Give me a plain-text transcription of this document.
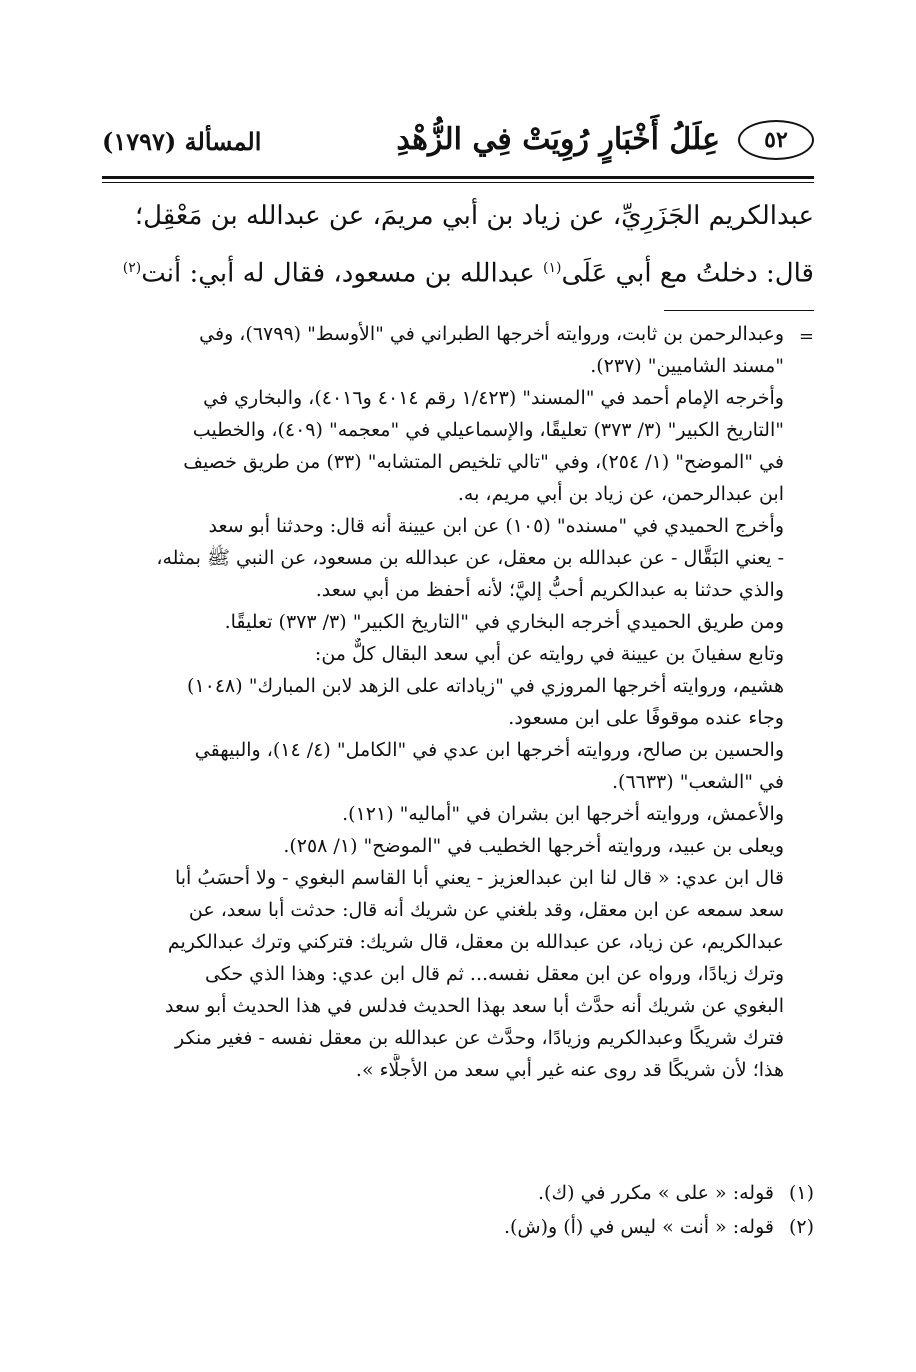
٥٢
عِلَلُ أَخْبَارٍ رُوِيَتْ فِي الزُّهْدِ
المسألة (١٧٩٧)

عبدالكريم الجَزَرِيِّ، عن زياد بن أبي مريمَ، عن عبدالله بن مَعْقِل؛

قال: دخلتُ مع أبي عَلَى$^{(١)}$ عبدالله بن مسعود، فقال له أبي: أنت$^{(٢)}$

=

وعبدالرحمن بن ثابت، وروايته أخرجها الطبراني في "الأوسط" (٦٧٩٩)، وفي

"مسند الشاميين" (٢٣٧).

وأخرجه الإمام أحمد في "المسند" (١/٤٢٣ رقم ٤٠١٤ و٤٠١٦)، والبخاري في

"التاريخ الكبير" (٣/ ٣٧٣) تعليقًا، والإسماعيلي في "معجمه" (٤٠٩)، والخطيب

في "الموضح" (١/ ٢٥٤)، وفي "تالي تلخيص المتشابه" (٣٣) من طريق خصيف

ابن عبدالرحمن، عن زياد بن أبي مريم، به.

وأخرج الحميدي في "مسنده" (١٠٥) عن ابن عيينة أنه قال: وحدثنا أبو سعد

- يعني البَقَّال - عن عبدالله بن معقل، عن عبدالله بن مسعود، عن النبي ﷺ بمثله،

والذي حدثنا به عبدالكريم أحبُّ إليَّ؛ لأنه أحفظ من أبي سعد.

ومن طريق الحميدي أخرجه البخاري في "التاريخ الكبير" (٣/ ٣٧٣) تعليقًا.

وتابع سفيانَ بن عيينة في روايته عن أبي سعد البقال كلٌّ من:

هشيم، وروايته أخرجها المروزي في "زياداته على الزهد لابن المبارك" (١٠٤٨)

وجاء عنده موقوفًا على ابن مسعود.

والحسين بن صالح، وروايته أخرجها ابن عدي في "الكامل" (٤/ ١٤)، والبيهقي

في "الشعب" (٦٦٣٣).

والأعمش، وروايته أخرجها ابن بشران في "أماليه" (١٢١).

ويعلى بن عبيد، وروايته أخرجها الخطيب في "الموضح" (١/ ٢٥٨).

قال ابن عدي: « قال لنا ابن عبدالعزيز - يعني أبا القاسم البغوي - ولا أحسَبُ أبا

سعد سمعه عن ابن معقل، وقد بلغني عن شريك أنه قال: حدثت أبا سعد، عن

عبدالكريم، عن زياد، عن عبدالله بن معقل، قال شريك: فتركني وترك عبدالكريم

وترك زيادًا، ورواه عن ابن معقل نفسه... ثم قال ابن عدي: وهذا الذي حكى

البغوي عن شريك أنه حدَّث أبا سعد بهذا الحديث فدلس في هذا الحديث أبو سعد

فترك شريكًا وعبدالكريم وزيادًا، وحدَّث عن عبدالله بن معقل نفسه - فغير منكر

هذا؛ لأن شريكًا قد روى عنه غير أبي سعد من الأجلَّاء ».

(١)قوله: « على » مكرر في (ك).

(٢)قوله: « أنت » ليس في (أ) و(ش).
